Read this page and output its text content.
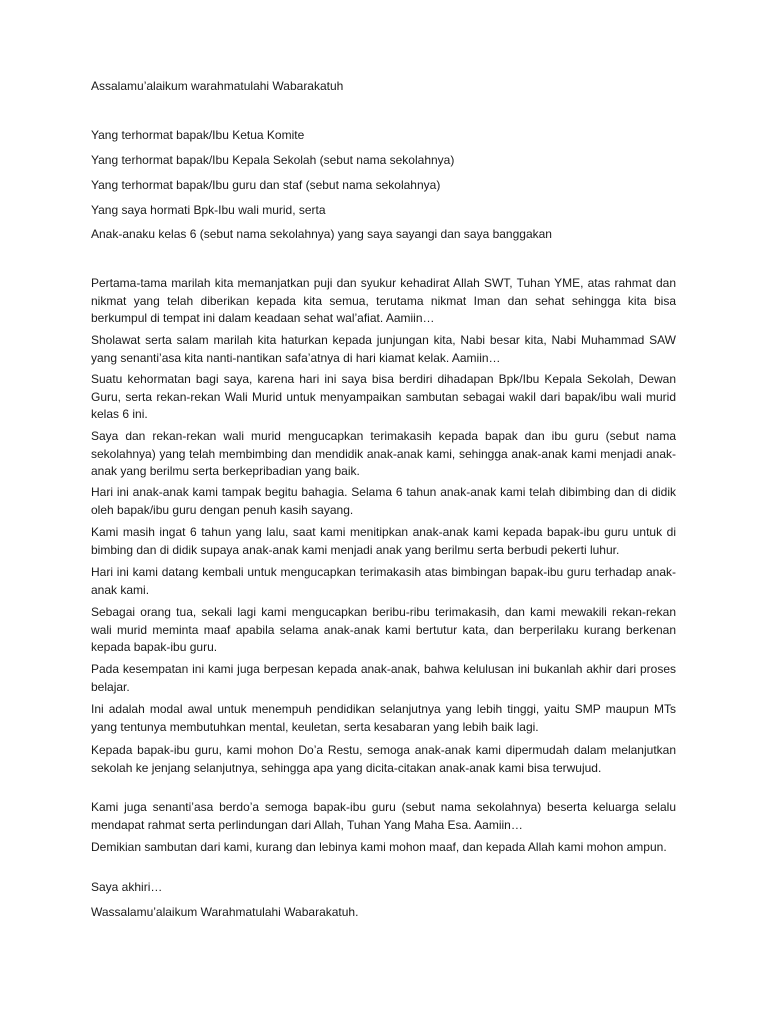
Assalamu’alaikum warahmatulahi Wabarakatuh
Yang terhormat bapak/Ibu Ketua Komite
Yang terhormat bapak/Ibu Kepala Sekolah (sebut nama sekolahnya)
Yang terhormat bapak/Ibu guru dan staf (sebut nama sekolahnya)
Yang saya hormati Bpk-Ibu wali murid, serta
Anak-anaku kelas 6 (sebut nama sekolahnya) yang saya sayangi dan saya banggakan
Pertama-tama marilah kita memanjatkan puji dan syukur kehadirat Allah SWT, Tuhan YME, atas rahmat dan nikmat yang telah diberikan kepada kita semua, terutama nikmat Iman dan sehat sehingga kita bisa berkumpul di tempat ini dalam keadaan sehat wal’afiat. Aamiin…
Sholawat serta salam marilah kita haturkan kepada junjungan kita, Nabi besar kita, Nabi Muhammad SAW yang senanti’asa kita nanti-nantikan safa’atnya di hari kiamat kelak. Aamiin…
Suatu kehormatan bagi saya, karena hari ini saya bisa berdiri dihadapan Bpk/Ibu Kepala Sekolah, Dewan Guru, serta rekan-rekan Wali Murid untuk menyampaikan sambutan sebagai wakil dari bapak/ibu wali murid kelas 6 ini.
Saya dan rekan-rekan wali murid mengucapkan terimakasih kepada bapak dan ibu guru (sebut nama sekolahnya) yang telah membimbing dan mendidik anak-anak kami, sehingga anak-anak kami menjadi anak-anak yang berilmu serta berkepribadian yang baik.
Hari ini anak-anak kami tampak begitu bahagia. Selama 6 tahun anak-anak kami telah dibimbing dan di didik oleh bapak/ibu guru dengan penuh kasih sayang.
Kami masih ingat 6 tahun yang lalu, saat kami menitipkan anak-anak kami kepada bapak-ibu guru untuk di bimbing dan di didik supaya anak-anak kami menjadi anak yang berilmu serta berbudi pekerti luhur.
Hari ini kami datang kembali untuk mengucapkan terimakasih atas bimbingan bapak-ibu guru terhadap anak-anak kami.
Sebagai orang tua, sekali lagi kami mengucapkan beribu-ribu terimakasih, dan kami mewakili rekan-rekan wali murid meminta maaf apabila selama anak-anak kami bertutur kata, dan berperilaku kurang berkenan kepada bapak-ibu guru.
Pada kesempatan ini kami juga berpesan kepada anak-anak, bahwa kelulusan ini bukanlah akhir dari proses belajar.
Ini adalah modal awal untuk menempuh pendidikan selanjutnya yang lebih tinggi, yaitu SMP maupun MTs yang tentunya membutuhkan mental, keuletan, serta kesabaran yang lebih baik lagi.
Kepada bapak-ibu guru, kami mohon Do’a Restu, semoga anak-anak kami dipermudah dalam melanjutkan sekolah ke jenjang selanjutnya, sehingga apa yang dicita-citakan anak-anak kami bisa terwujud.
Kami juga senanti’asa berdo’a semoga bapak-ibu guru (sebut nama sekolahnya) beserta keluarga selalu mendapat rahmat serta perlindungan dari Allah, Tuhan Yang Maha Esa. Aamiin…
Demikian sambutan dari kami, kurang dan lebinya kami mohon maaf, dan kepada Allah kami mohon ampun.
Saya akhiri…
Wassalamu’alaikum Warahmatulahi Wabarakatuh.
